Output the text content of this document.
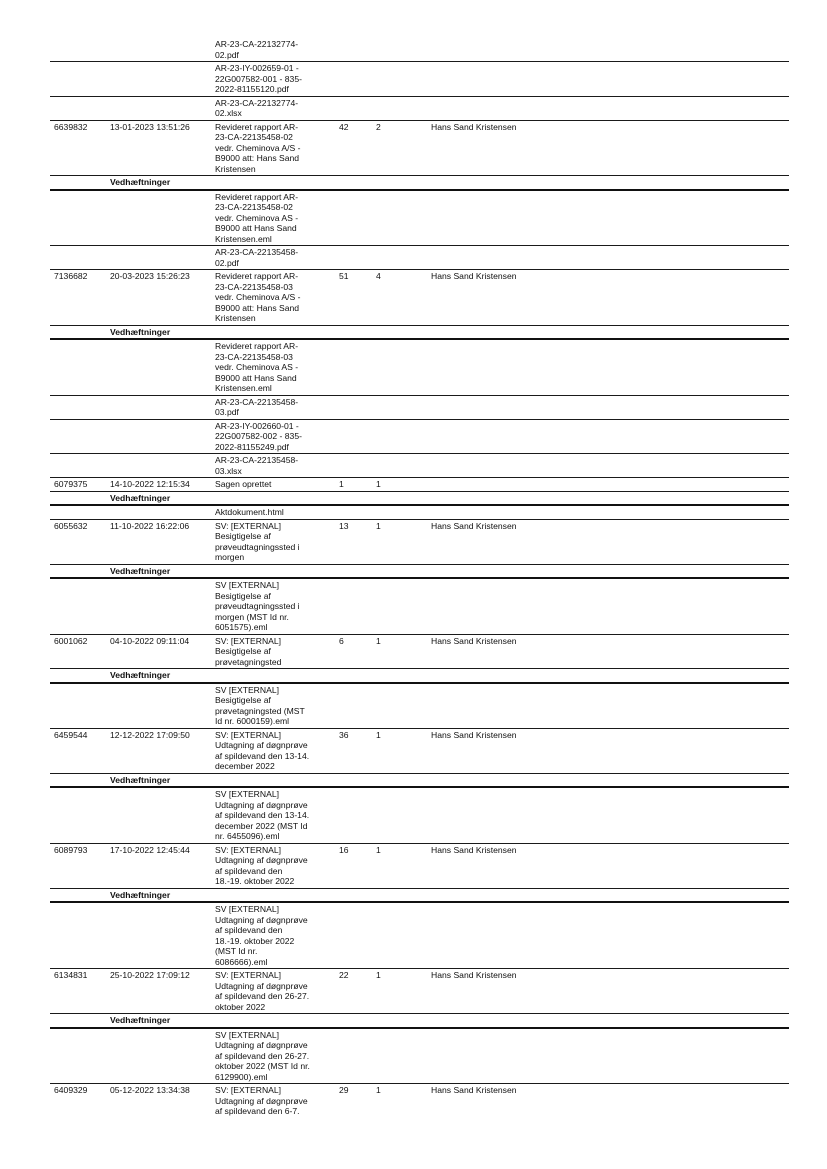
AR-23-CA-22132774-
02.pdf
AR-23-IY-002659-01 -
22G007582-001 - 835-
2022-81155120.pdf
AR-23-CA-22132774-
02.xlsx
6639832	13-01-2023 13:51:26	Revideret rapport AR-
23-CA-22135458-02
vedr. Cheminova A/S -
B9000 att: Hans Sand
Kristensen
42	2	Hans Sand Kristensen
Vedhæftninger
Revideret rapport AR-
23-CA-22135458-02
vedr. Cheminova AS -
B9000 att Hans Sand
Kristensen.eml
AR-23-CA-22135458-
02.pdf
7136682	20-03-2023 15:26:23	Revideret rapport AR-
23-CA-22135458-03
vedr. Cheminova A/S -
B9000 att: Hans Sand
Kristensen
51	4	Hans Sand Kristensen
Vedhæftninger
Revideret rapport AR-
23-CA-22135458-03
vedr. Cheminova AS -
B9000 att Hans Sand
Kristensen.eml
AR-23-CA-22135458-
03.pdf
AR-23-IY-002660-01 -
22G007582-002 - 835-
2022-81155249.pdf
AR-23-CA-22135458-
03.xlsx
6079375	14-10-2022 12:15:34	Sagen oprettet	1	1
Vedhæftninger
Aktdokument.html
6055632	11-10-2022 16:22:06	SV: [EXTERNAL]
Besigtigelse af
prøveudtagningssted i
morgen
13	1	Hans Sand Kristensen
Vedhæftninger
SV [EXTERNAL]
Besigtigelse af
prøveudtagningssted i
morgen (MST Id nr.
6051575).eml
6001062	04-10-2022 09:11:04	SV: [EXTERNAL]
Besigtigelse af
prøvetagningsted
6	1	Hans Sand Kristensen
Vedhæftninger
SV [EXTERNAL]
Besigtigelse af
prøvetagningsted (MST
Id nr. 6000159).eml
6459544	12-12-2022 17:09:50	SV: [EXTERNAL]
Udtagning af døgnprøve
af spildevand den 13-14.
december 2022
36	1	Hans Sand Kristensen
Vedhæftninger
SV [EXTERNAL]
Udtagning af døgnprøve
af spildevand den 13-14.
december 2022 (MST Id
nr. 6455096).eml
6089793	17-10-2022 12:45:44	SV: [EXTERNAL]
Udtagning af døgnprøve
af spildevand den
18.-19. oktober 2022
16	1	Hans Sand Kristensen
Vedhæftninger
SV [EXTERNAL]
Udtagning af døgnprøve
af spildevand den
18.-19. oktober 2022
(MST Id nr.
6086666).eml
6134831	25-10-2022 17:09:12	SV: [EXTERNAL]
Udtagning af døgnprøve
af spildevand den 26-27.
oktober 2022
22	1	Hans Sand Kristensen
Vedhæftninger
SV [EXTERNAL]
Udtagning af døgnprøve
af spildevand den 26-27.
oktober 2022 (MST Id nr.
6129900).eml
6409329	05-12-2022 13:34:38	SV: [EXTERNAL]
Udtagning af døgnprøve
af spildevand den 6-7.
29	1	Hans Sand Kristensen
